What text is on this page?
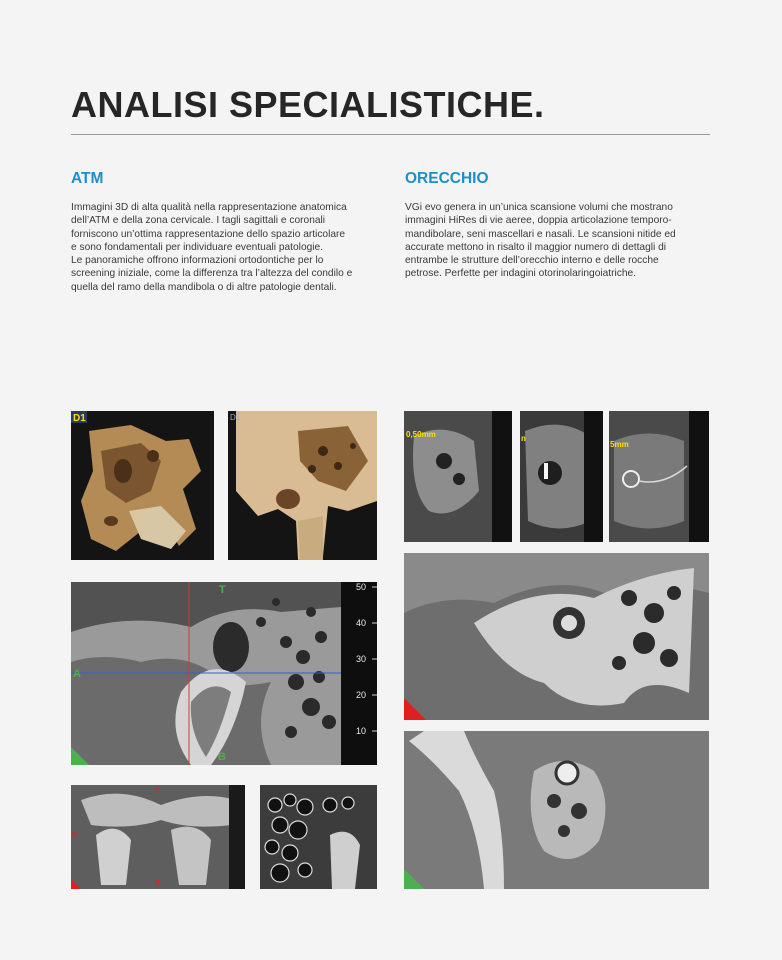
ANALISI SPECIALISTICHE.
ATM

Immagini 3D di alta qualità nella rappresentazione anatomica
dell’ATM e della zona cervicale. I tagli sagittali e coronali
forniscono un’ottima rappresentazione dello spazio articolare
e sono fondamentali per individuare eventuali patologie.
Le panoramiche offrono informazioni ortodontiche per lo
screening iniziale, come la differenza tra l’altezza del condilo e
quella del ramo della mandibola o di altre patologie dentali.

ORECCHIO

VGi evo genera in un’unica scansione volumi che mostrano
immagini HiRes di vie aeree, doppia articolazione temporo-
mandibolare, seni mascellari e nasali. Le scansioni nitide ed
accurate mettono in risalto il maggior numero di dettagli di
entrambe le strutture dell’orecchio interno e delle rocche
petrose. Perfette per indagini otorinolaringoiatriche.

D1	D1
T
A
B
50
40
30
20
10
T
R
B
0,50mm	n
5mm
